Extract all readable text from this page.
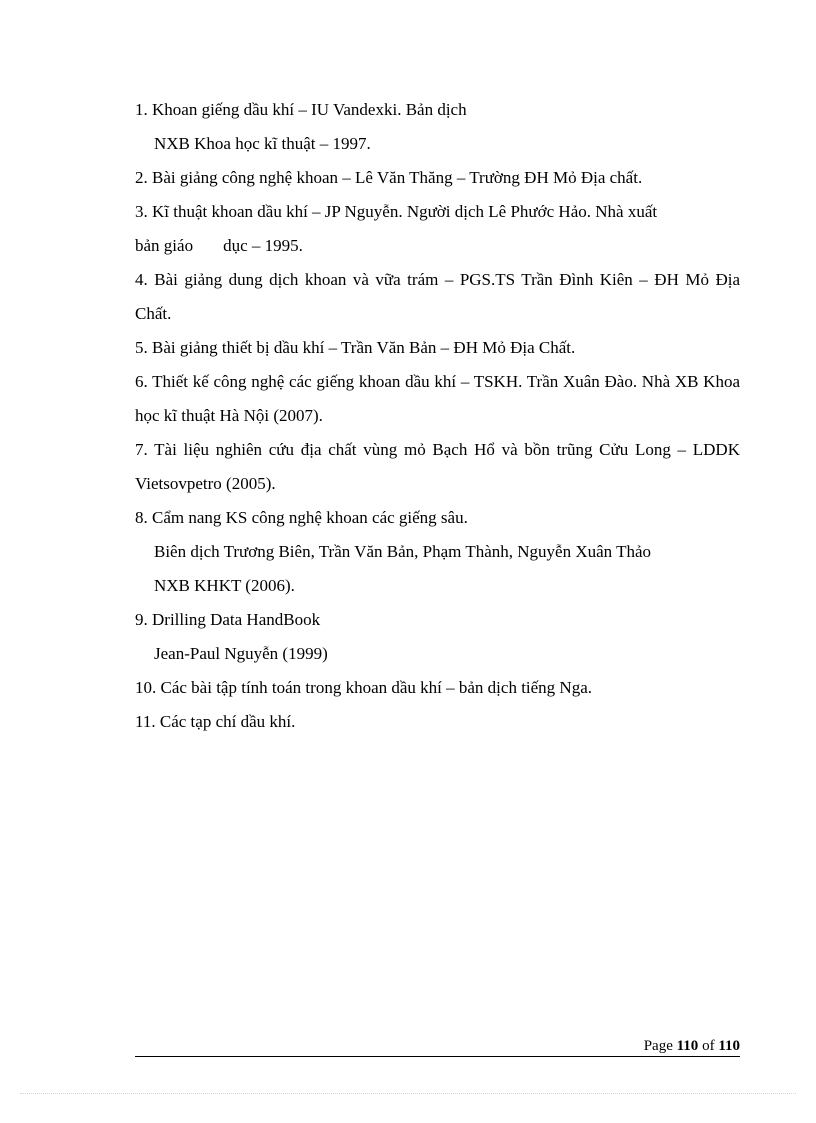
1. Khoan giếng dầu khí – IU Vandexki. Bản dịch
NXB Khoa học kĩ thuật – 1997.
2. Bài giảng công nghệ khoan – Lê Văn Thăng – Trường ĐH Mỏ Địa chất.
3. Kĩ thuật khoan dầu khí – JP Nguyễn. Người dịch Lê Phước Hảo. Nhà xuất
bản giáo dục – 1995.
4. Bài giảng dung dịch khoan và vữa trám – PGS.TS Trần Đình Kiên – ĐH Mỏ Địa Chất.
5. Bài giảng thiết bị dầu khí – Trần Văn Bản – ĐH Mỏ Địa Chất.
6. Thiết kế công nghệ các giếng khoan dầu khí – TSKH. Trần Xuân Đào. Nhà XB Khoa học kĩ thuật Hà Nội (2007).
7. Tài liệu nghiên cứu địa chất vùng mỏ Bạch Hổ và bồn trũng Cửu Long – LDDK Vietsovpetro (2005).
8. Cẩm nang KS công nghệ khoan các giếng sâu.
Biên dịch Trương Biên, Trần Văn Bản, Phạm Thành, Nguyễn Xuân Thảo
NXB KHKT (2006).
9. Drilling Data HandBook
Jean-Paul Nguyễn (1999)
10. Các bài tập tính toán trong khoan dầu khí – bản dịch tiếng Nga.
11. Các tạp chí dầu khí.
Page 110 of 110
